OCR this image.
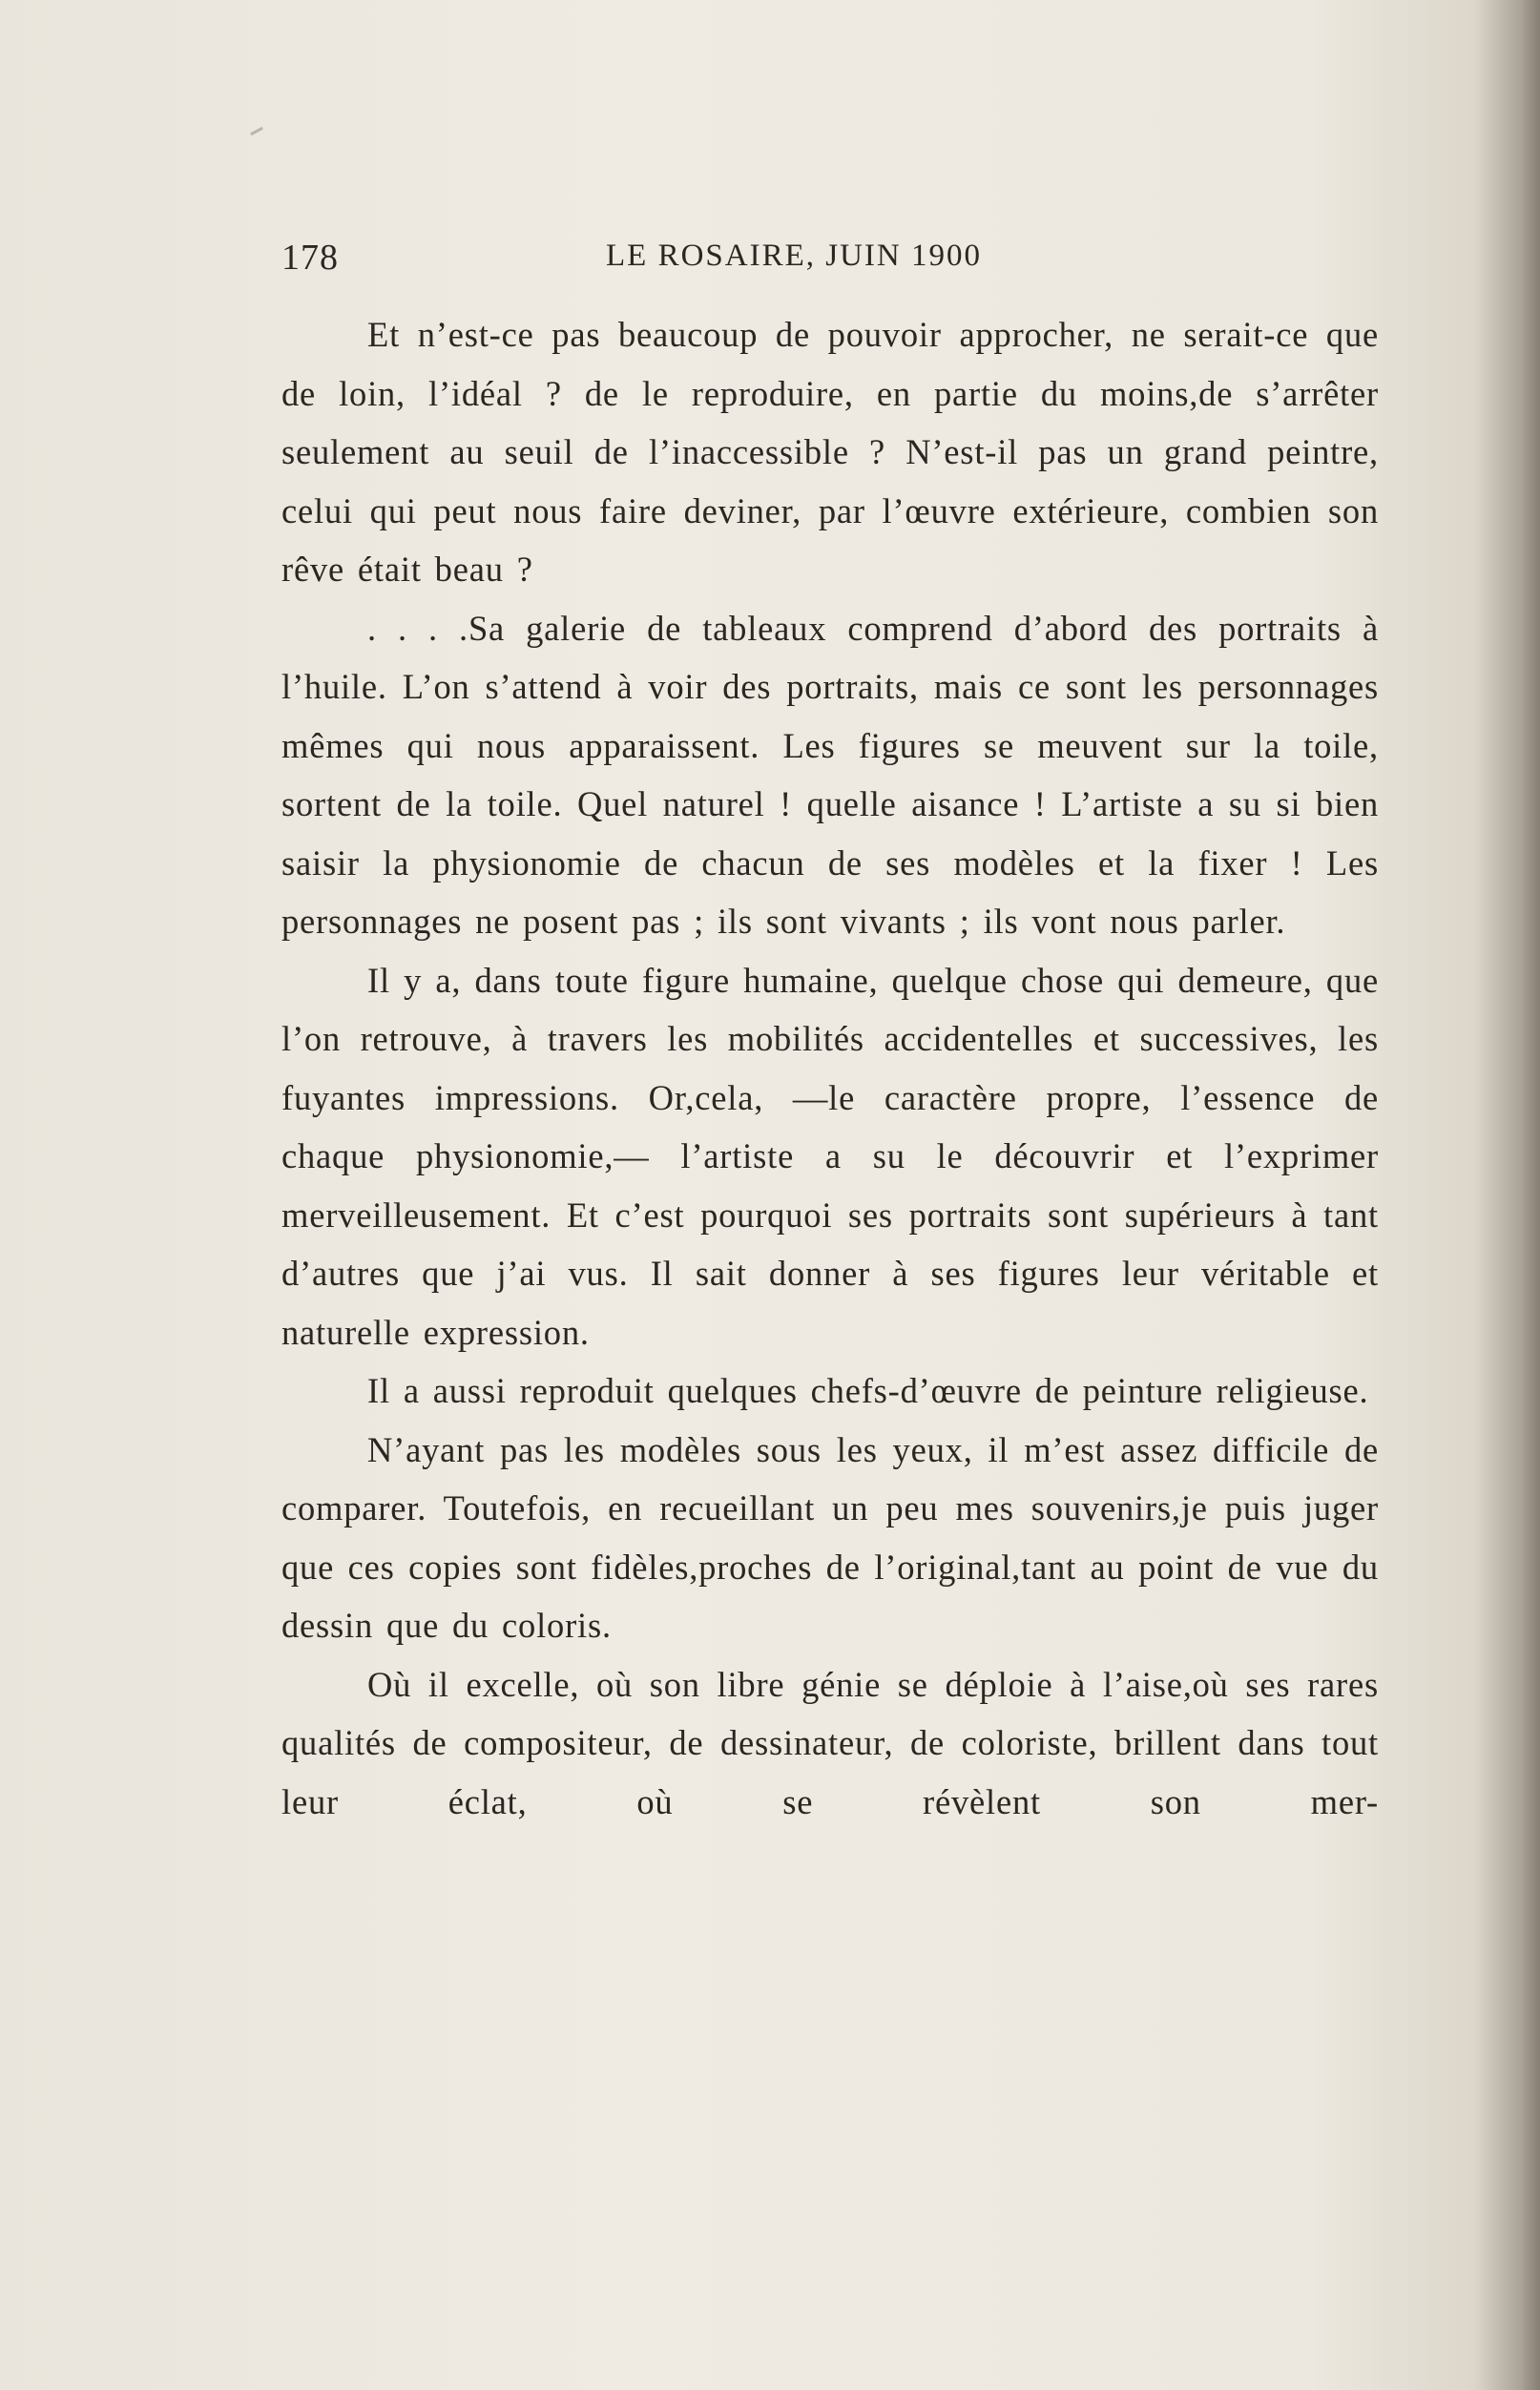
178	LE ROSAIRE, JUIN 1900

Et n’est-ce pas beaucoup de pouvoir approcher, ne serait-ce que de loin, l’idéal ? de le reproduire, en partie du moins,de s’arrêter seulement au seuil de l’inaccessible ? N’est-il pas un grand peintre, celui qui peut nous faire deviner, par l’œuvre extérieure, combien son rêve était beau ?

. . . .Sa galerie de tableaux comprend d’abord des portraits à l’huile. L’on s’attend à voir des portraits, mais ce sont les personnages mêmes qui nous apparaissent. Les figures se meuvent sur la toile, sortent de la toile. Quel naturel ! quelle aisance ! L’artiste a su si bien saisir la physionomie de chacun de ses modèles et la fixer ! Les personnages ne posent pas ; ils sont vivants ; ils vont nous parler.

Il y a, dans toute figure humaine, quelque chose qui demeure, que l’on retrouve, à travers les mobilités accidentelles et successives, les fuyantes impressions. Or,cela, —le caractère propre, l’essence de chaque physionomie,— l’artiste a su le découvrir et l’exprimer merveilleusement. Et c’est pourquoi ses portraits sont supérieurs à tant d’autres que j’ai vus. Il sait donner à ses figures leur véritable et naturelle expression.

Il a aussi reproduit quelques chefs-d’œuvre de peinture religieuse.

N’ayant pas les modèles sous les yeux, il m’est assez difficile de comparer. Toutefois, en recueillant un peu mes souvenirs,je puis juger que ces copies sont fidèles,proches de l’original,tant au point de vue du dessin que du coloris.

Où il excelle, où son libre génie se déploie à l’aise,où ses rares qualités de compositeur, de dessinateur, de coloriste, brillent dans tout leur éclat, où se révèlent son mer-
